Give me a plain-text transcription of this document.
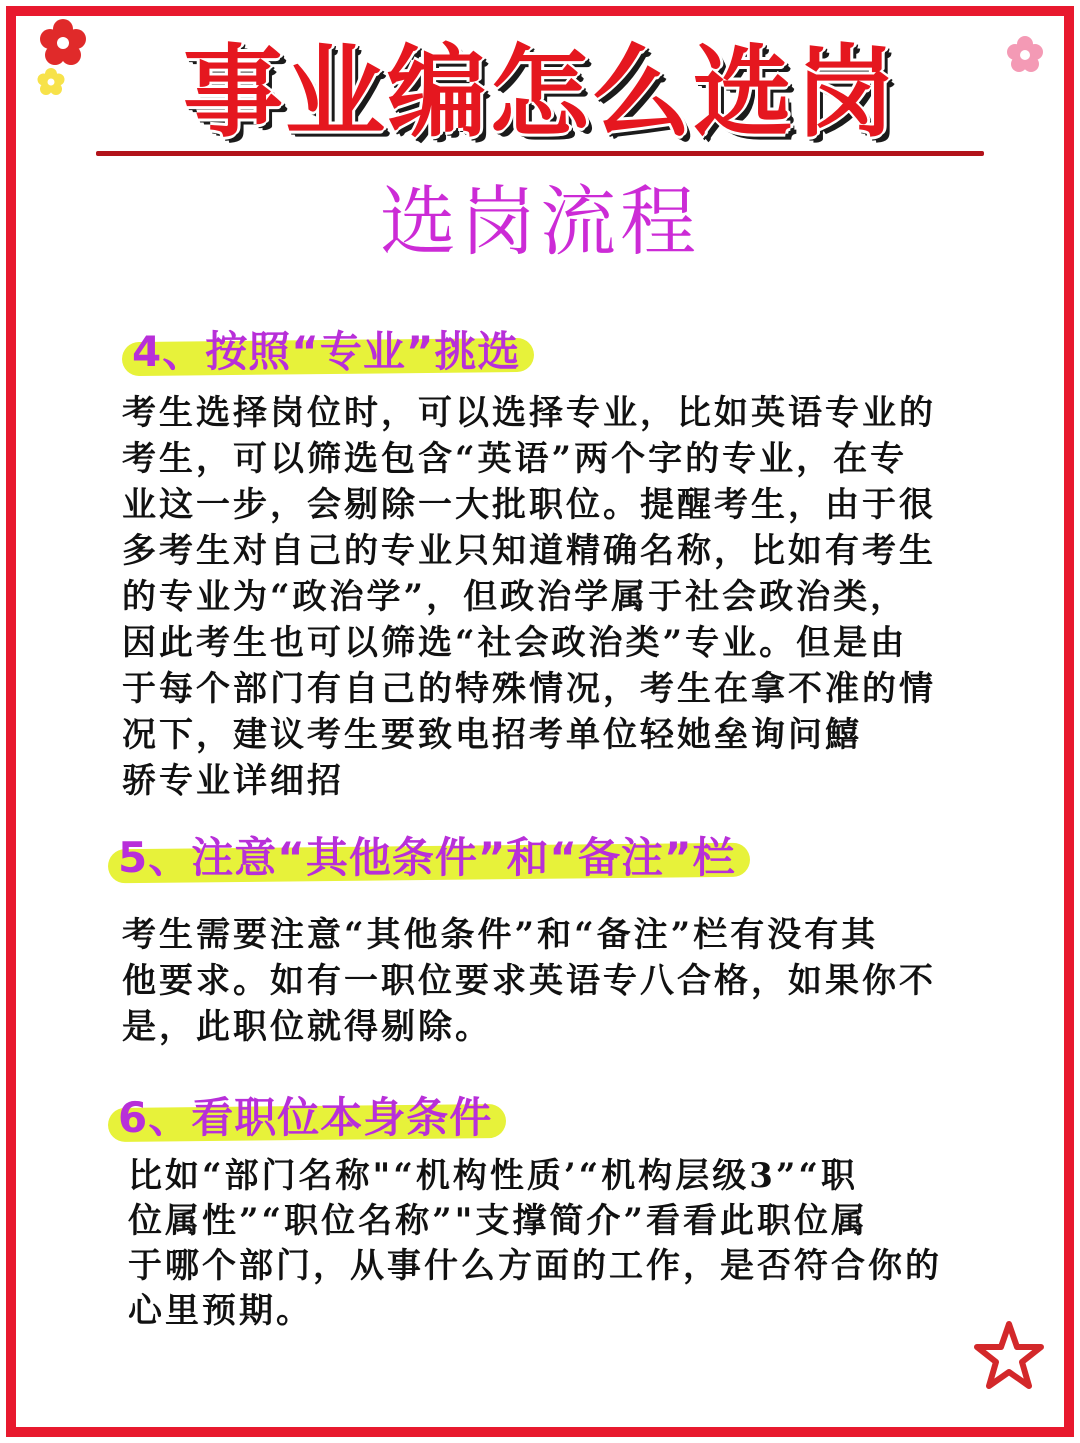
事业编怎么选岗
选岗流程
4、按照“专业”挑选

考生选择岗位时，可以选择专业，比如英语专业的
考生，可以筛选包含“英语”两个字的专业，在专
业这一步，会剔除一大批职位。提醒考生，由于很
多考生对自己的专业只知道精确名称，比如有考生
的专业为“政治学”，但政治学属于社会政治类，
因此考生也可以筛选“社会政治类”专业。但是由
于每个部门有自己的特殊情况，考生在拿不准的情
况下，建议考生要致电招考单位轻她垒询问鱚
骄专业详细招

5、注意“其他条件”和“备注”栏

考生需要注意“其他条件”和“备注”栏有没有其
他要求。如有一职位要求英语专八合格，如果你不
是，此职位就得剔除。

6、看职位本身条件

比如“部门名称"“机构性质’“机构层级3”“职
位属性”“职位名称”"支撑简介”看看此职位属
于哪个部门，从事什么方面的工作，是否符合你的
心里预期。
